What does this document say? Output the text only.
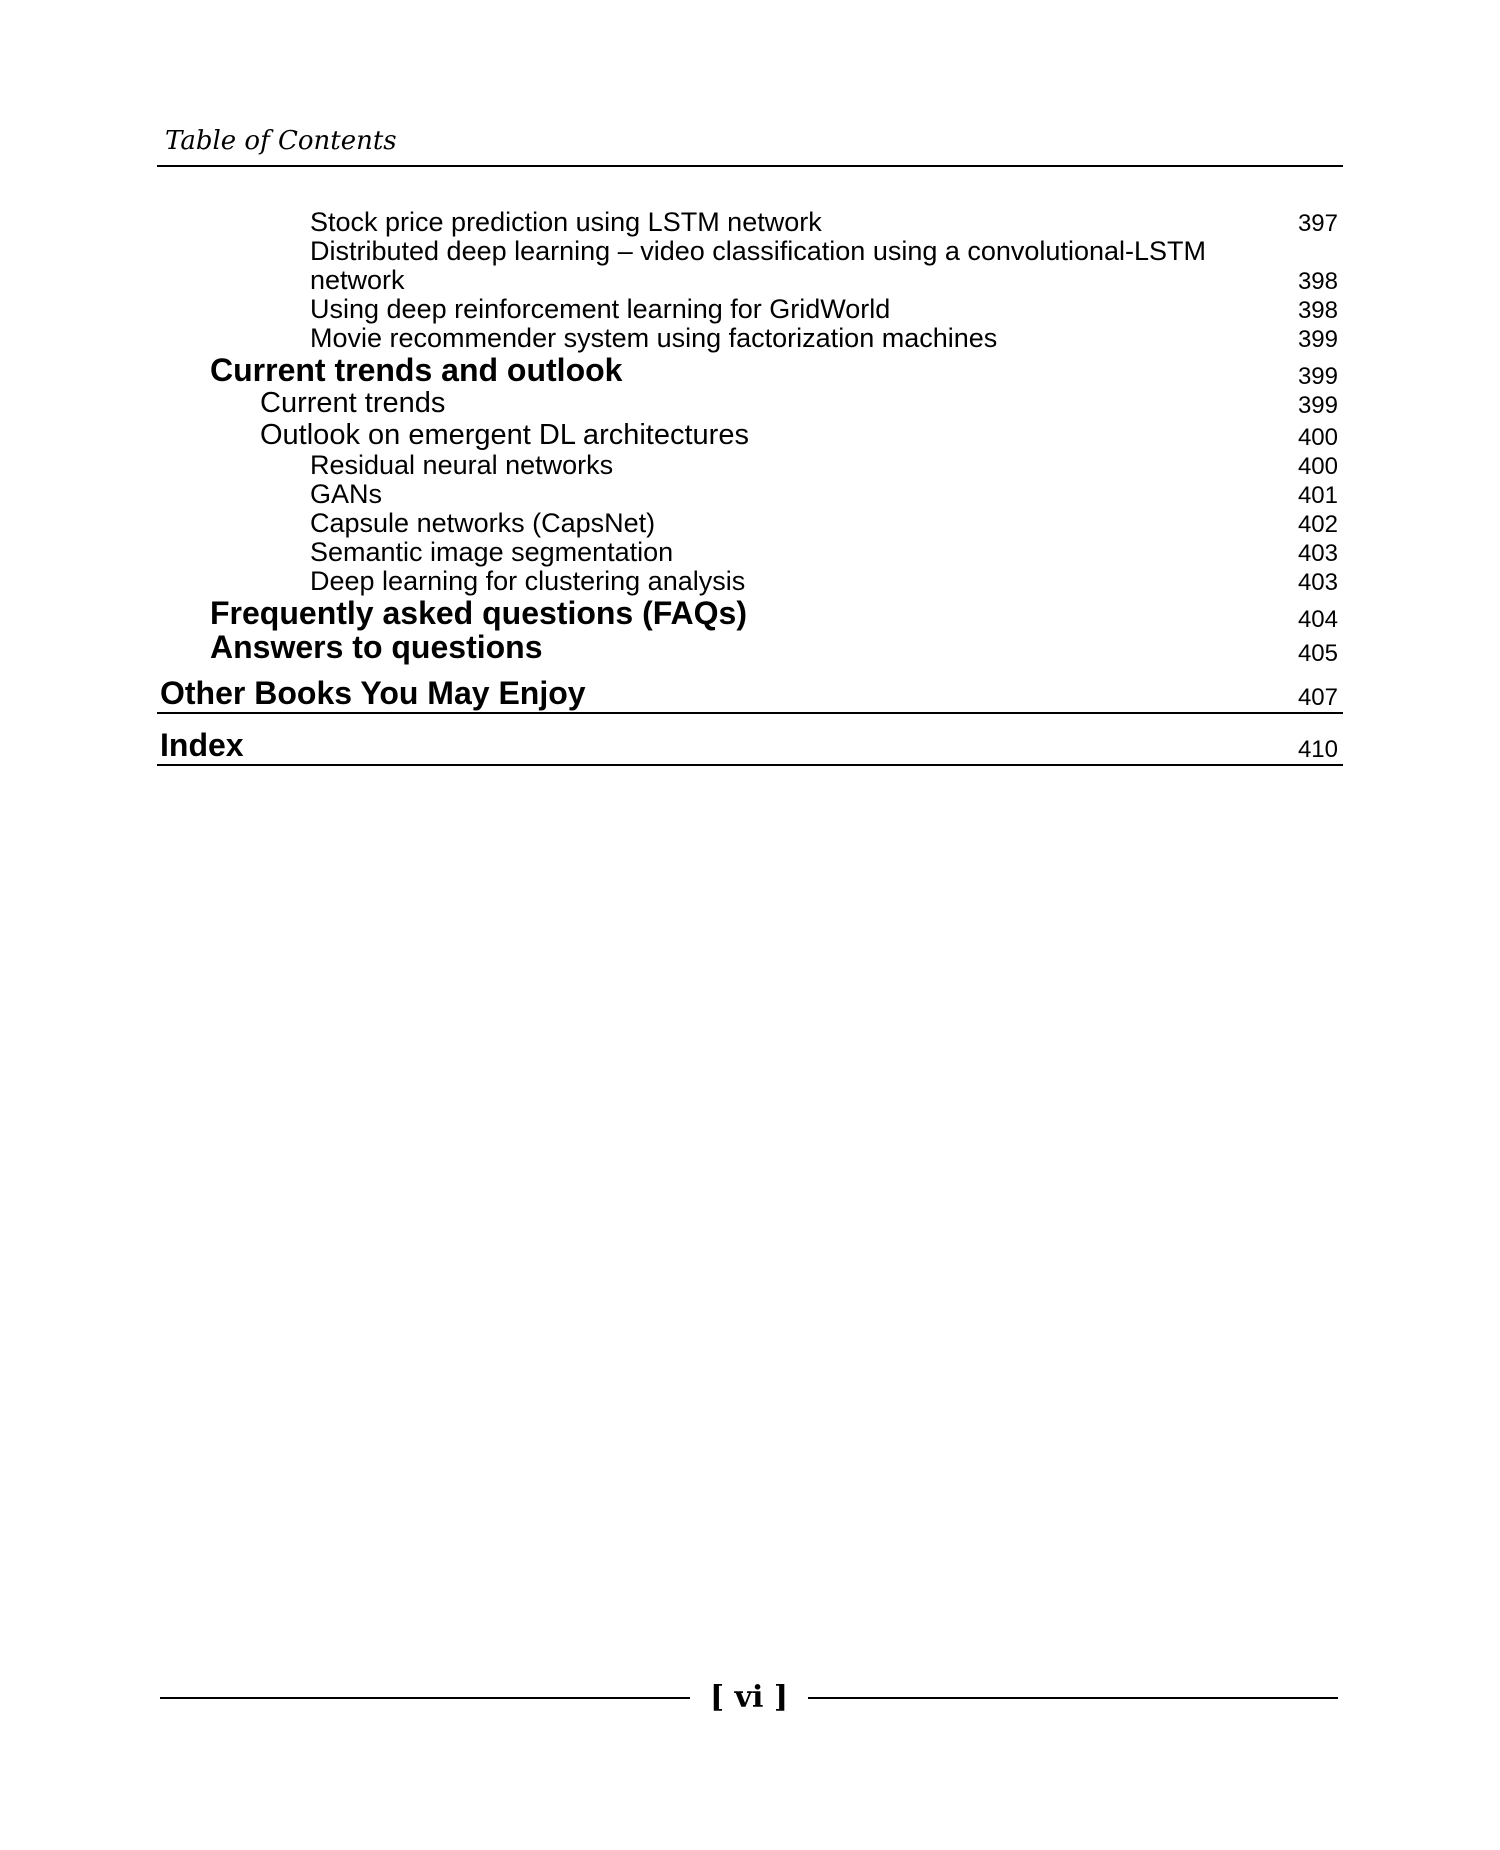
Table of Contents
Stock price prediction using LSTM network	397
Distributed deep learning – video classification using a convolutional-LSTM network	398
Using deep reinforcement learning for GridWorld	398
Movie recommender system using factorization machines	399
Current trends and outlook	399
Current trends	399
Outlook on emergent DL architectures	400
Residual neural networks	400
GANs	401
Capsule networks (CapsNet)	402
Semantic image segmentation	403
Deep learning for clustering analysis	403
Frequently asked questions (FAQs)	404
Answers to questions	405
Other Books You May Enjoy	407
Index	410
[ vi ]
